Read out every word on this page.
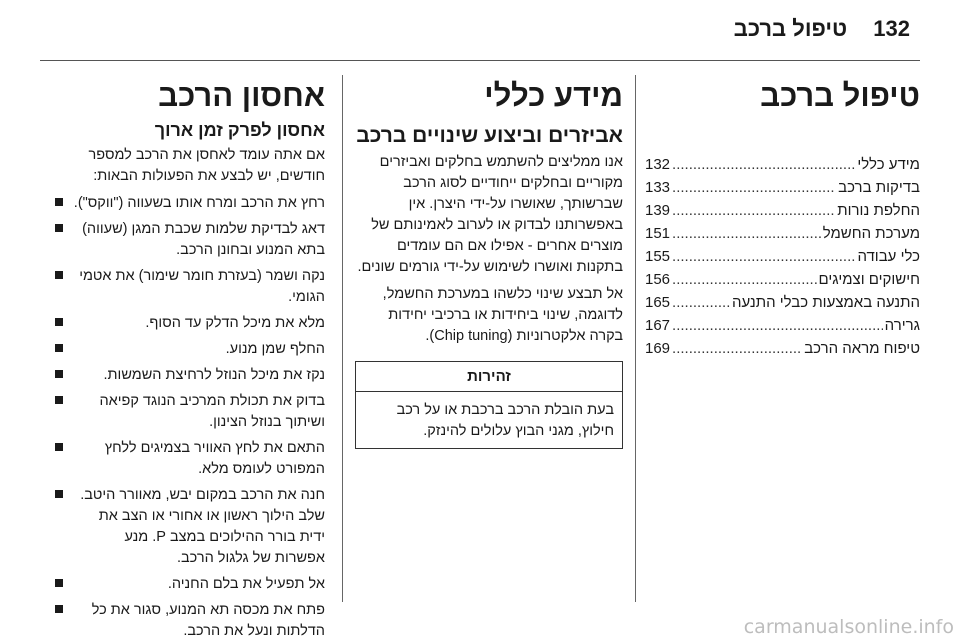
132 טיפול ברכב
טיפול ברכב
מידע כללי
.....
132
בדיקות ברכב
.....
133
החלפת נורות
.....
139
מערכת החשמל
.....
151
כלי עבודה
.....
155
חישוקים וצמיגים
.....
156
התנעה באמצעות כבלי התנעה
.....
165
גרירה
.....
167
טיפוח מראה הרכב
.....
169
מידע כללי
אביזרים וביצוע שינויים ברכב

אנו ממליצים להשתמש בחלקים ואביזרים מקוריים ובחלקים ייחודיים לסוג הרכב שברשותך, שאושרו על-ידי היצרן. אין באפשרותנו לבדוק או לערוב לאמינותם של מוצרים אחרים - אפילו אם הם עומדים בתקנות ואושרו לשימוש על-ידי גורמים שונים.

אל תבצע שינוי כלשהו במערכת החשמל, לדוגמה, שינוי ביחידות או ברכיבי יחידות בקרה אלקטרוניות (Chip tuning).

זהירות
בעת הובלת הרכב ברכבת או על רכב חילוץ, מגני הבוץ עלולים להינזק.
אחסון הרכב
אחסון לפרק זמן ארוך

אם אתה עומד לאחסן את הרכב למספר חודשים, יש לבצע את הפעולות הבאות:

רחץ את הרכב ומרח אותו בשעווה ("ווקס").
דאג לבדיקת שלמות שכבת המגן (שעווה) בתא המנוע ובחונן הרכב.
נקה ושמר (בעזרת חומר שימור) את אטמי הגומי.
מלא את מיכל הדלק עד הסוף.
החלף שמן מנוע.
נקז את מיכל הנוזל לרחיצת השמשות.
בדוק את תכולת המרכיב הנוגד קפיאה ושיתוך בנוזל הצינון.
התאם את לחץ האוויר בצמיגים ללחץ המפורט לעומס מלא.
חנה את הרכב במקום יבש, מאוורר היטב. שלב הילוך ראשון או אחורי או הצב את ידית בורר ההילוכים במצב P. מנע אפשרות של גלגול הרכב.
אל תפעיל את בלם החניה.
פתח את מכסה תא המנוע, סגור את כל הדלתות ונעל את הרכב.	carmanualsonline.info
